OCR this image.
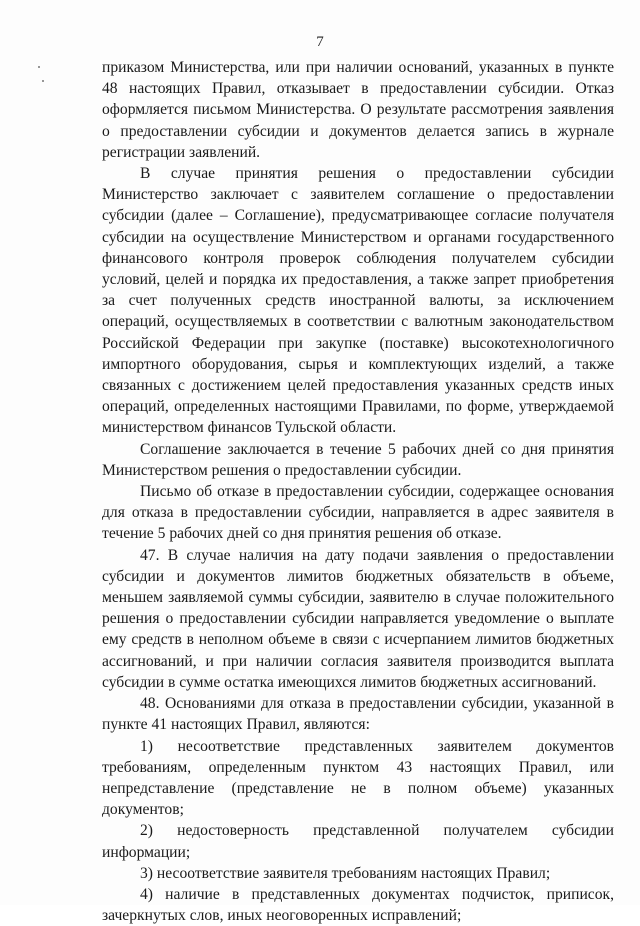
7

приказом Министерства, или при наличии оснований, указанных в пункте 48 настоящих Правил, отказывает в предоставлении субсидии. Отказ оформляется письмом Министерства. О результате рассмотрения заявления о предоставлении субсидии и документов делается запись в журнале регистрации заявлений.

В случае принятия решения о предоставлении субсидии Министерство заключает с заявителем соглашение о предоставлении субсидии (далее – Соглашение), предусматривающее согласие получателя субсидии на осуществление Министерством и органами государственного финансового контроля проверок соблюдения получателем субсидии условий, целей и порядка их предоставления, а также запрет приобретения за счет полученных средств иностранной валюты, за исключением операций, осуществляемых в соответствии с валютным законодательством Российской Федерации при закупке (поставке) высокотехнологичного импортного оборудования, сырья и комплектующих изделий, а также связанных с достижением целей предоставления указанных средств иных операций, определенных настоящими Правилами, по форме, утверждаемой министерством финансов Тульской области.

Соглашение заключается в течение 5 рабочих дней со дня принятия Министерством решения о предоставлении субсидии.

Письмо об отказе в предоставлении субсидии, содержащее основания для отказа в предоставлении субсидии, направляется в адрес заявителя в течение 5 рабочих дней со дня принятия решения об отказе.

47. В случае наличия на дату подачи заявления о предоставлении субсидии и документов лимитов бюджетных обязательств в объеме, меньшем заявляемой суммы субсидии, заявителю в случае положительного решения о предоставлении субсидии направляется уведомление о выплате ему средств в неполном объеме в связи с исчерпанием лимитов бюджетных ассигнований, и при наличии согласия заявителя производится выплата субсидии в сумме остатка имеющихся лимитов бюджетных ассигнований.

48. Основаниями для отказа в предоставлении субсидии, указанной в пункте 41 настоящих Правил, являются:

1) несоответствие представленных заявителем документов требованиям, определенным пунктом 43 настоящих Правил, или непредставление (представление не в полном объеме) указанных документов;

2) недостоверность представленной получателем субсидии информации;

3) несоответствие заявителя требованиям настоящих Правил;

4) наличие в представленных документах подчисток, приписок, зачеркнутых слов, иных неоговоренных исправлений;
